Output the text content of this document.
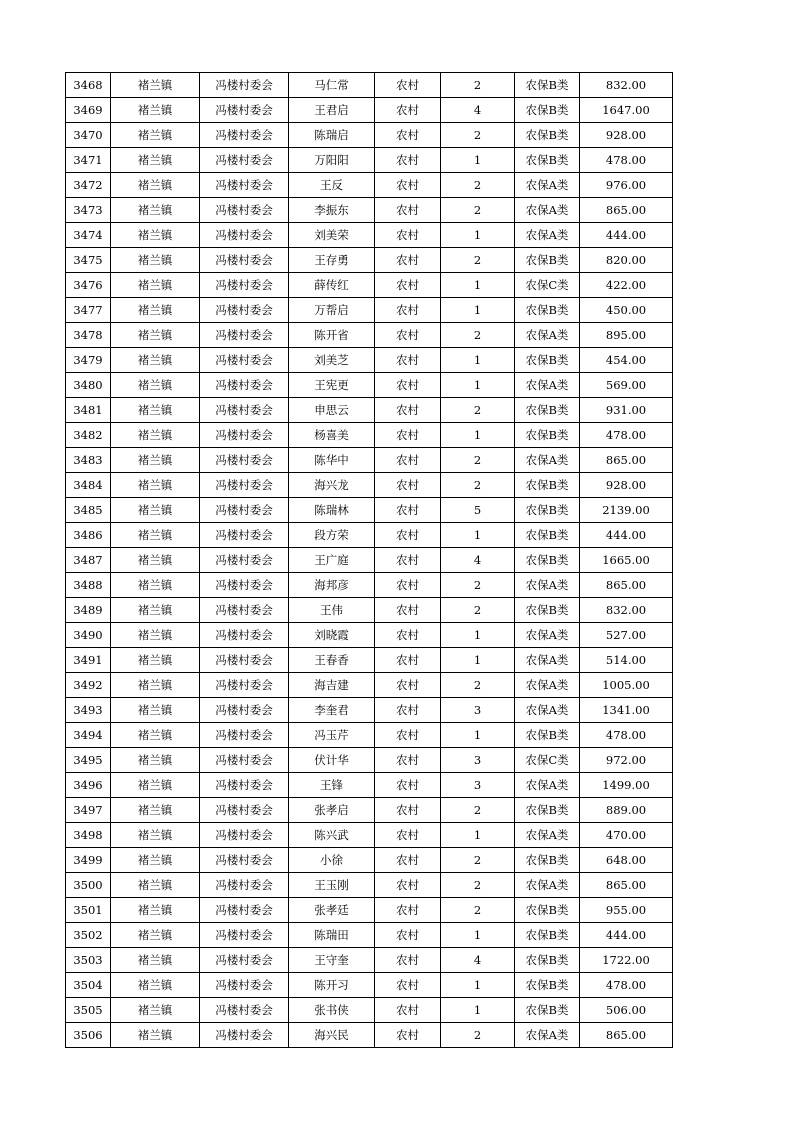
3468	褚兰镇	冯楼村委会	马仁常	农村	2	农保B类	832.00
3469	褚兰镇	冯楼村委会	王君启	农村	4	农保B类	1647.00
3470	褚兰镇	冯楼村委会	陈瑞启	农村	2	农保B类	928.00
3471	褚兰镇	冯楼村委会	万阳阳	农村	1	农保B类	478.00
3472	褚兰镇	冯楼村委会	王反	农村	2	农保A类	976.00
3473	褚兰镇	冯楼村委会	李振东	农村	2	农保A类	865.00
3474	褚兰镇	冯楼村委会	刘美荣	农村	1	农保A类	444.00
3475	褚兰镇	冯楼村委会	王存勇	农村	2	农保B类	820.00
3476	褚兰镇	冯楼村委会	薛传红	农村	1	农保C类	422.00
3477	褚兰镇	冯楼村委会	万帮启	农村	1	农保B类	450.00
3478	褚兰镇	冯楼村委会	陈开省	农村	2	农保A类	895.00
3479	褚兰镇	冯楼村委会	刘美芝	农村	1	农保B类	454.00
3480	褚兰镇	冯楼村委会	王宪更	农村	1	农保A类	569.00
3481	褚兰镇	冯楼村委会	申思云	农村	2	农保B类	931.00
3482	褚兰镇	冯楼村委会	杨喜美	农村	1	农保B类	478.00
3483	褚兰镇	冯楼村委会	陈华中	农村	2	农保A类	865.00
3484	褚兰镇	冯楼村委会	海兴龙	农村	2	农保B类	928.00
3485	褚兰镇	冯楼村委会	陈瑞林	农村	5	农保B类	2139.00
3486	褚兰镇	冯楼村委会	段方荣	农村	1	农保B类	444.00
3487	褚兰镇	冯楼村委会	王广庭	农村	4	农保B类	1665.00
3488	褚兰镇	冯楼村委会	海邦彦	农村	2	农保A类	865.00
3489	褚兰镇	冯楼村委会	王伟	农村	2	农保B类	832.00
3490	褚兰镇	冯楼村委会	刘晓霞	农村	1	农保A类	527.00
3491	褚兰镇	冯楼村委会	王春香	农村	1	农保A类	514.00
3492	褚兰镇	冯楼村委会	海吉建	农村	2	农保A类	1005.00
3493	褚兰镇	冯楼村委会	李奎君	农村	3	农保A类	1341.00
3494	褚兰镇	冯楼村委会	冯玉芹	农村	1	农保B类	478.00
3495	褚兰镇	冯楼村委会	伏计华	农村	3	农保C类	972.00
3496	褚兰镇	冯楼村委会	王锋	农村	3	农保A类	1499.00
3497	褚兰镇	冯楼村委会	张孝启	农村	2	农保B类	889.00
3498	褚兰镇	冯楼村委会	陈兴武	农村	1	农保A类	470.00
3499	褚兰镇	冯楼村委会	小徐	农村	2	农保B类	648.00
3500	褚兰镇	冯楼村委会	王玉刚	农村	2	农保A类	865.00
3501	褚兰镇	冯楼村委会	张孝廷	农村	2	农保B类	955.00
3502	褚兰镇	冯楼村委会	陈瑞田	农村	1	农保B类	444.00
3503	褚兰镇	冯楼村委会	王守奎	农村	4	农保B类	1722.00
3504	褚兰镇	冯楼村委会	陈开习	农村	1	农保B类	478.00
3505	褚兰镇	冯楼村委会	张书侠	农村	1	农保B类	506.00
3506	褚兰镇	冯楼村委会	海兴民	农村	2	农保A类	865.00
